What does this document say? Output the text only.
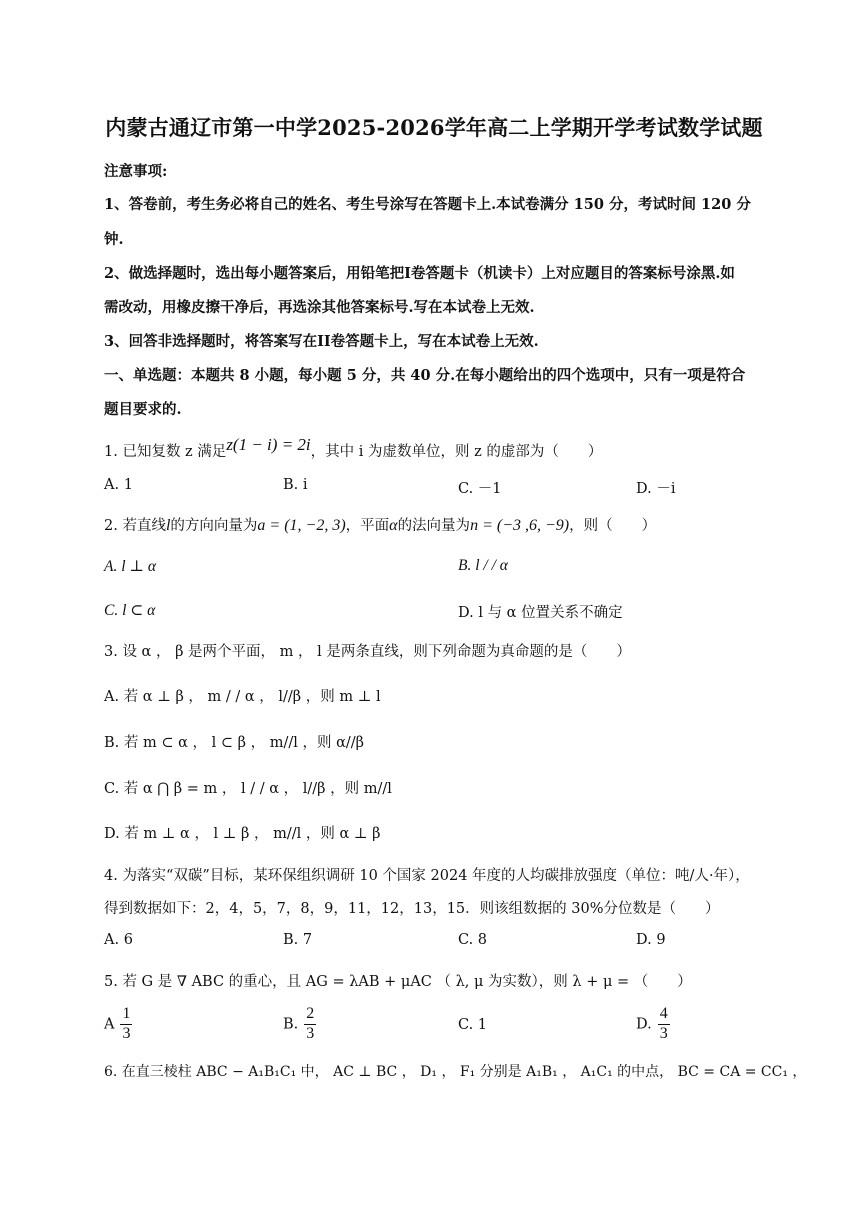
内蒙古通辽市第一中学2025-2026学年高二上学期开学考试数学试题
注意事项:
1、答卷前，考生务必将自己的姓名、考生号涂写在答题卡上.本试卷满分 150 分，考试时间 120 分
钟.
2、做选择题时，选出每小题答案后，用铅笔把I卷答题卡（机读卡）上对应题目的答案标号涂黑.如
需改动，用橡皮擦干净后，再选涂其他答案标号.写在本试卷上无效.
3、回答非选择题时，将答案写在II卷答题卡上，写在本试卷上无效.
一、单选题：本题共 8 小题，每小题 5 分，共 40 分.在每小题给出的四个选项中，只有一项是符合
题目要求的.
1. 已知复数 z 满足z(1 − i) = 2i，其中 i 为虚数单位，则 z 的虚部为（　　）
A. 1	B. i	C. －1	D. －i
2. 若直线l的方向向量为a = (1, −2, 3)，平面α的法向量为n = (−3 ,6, −9)，则（　　）
A. l ⊥ α	B. l / / α
C. l ⊂ α	D. l 与 α 位置关系不确定
3. 设 α ， β 是两个平面， m ， l 是两条直线，则下列命题为真命题的是（　　）
A. 若 α ⊥ β ， m / / α ， l//β ，则 m ⊥ l
B. 若 m ⊂ α ， l ⊂ β ， m//l ，则 α//β
C. 若 α ⋂ β = m ， l / / α ， l//β ，则 m//l
D. 若 m ⊥ α ， l ⊥ β ， m//l ，则 α ⊥ β
4. 为落实“双碳”目标，某环保组织调研 10 个国家 2024 年度的人均碳排放强度（单位：吨/人·年），
得到数据如下：2，4，5，7，8，9，11，12，13，15．则该组数据的 30%分位数是（　　）
A. 6	B. 7	C. 8	D. 9
5. 若 G 是 ∇ ABC 的重心，且 AG = λAB + μAC （ λ, μ 为实数），则 λ + μ = （　　）
A $\frac{1}{3}$	B. $\frac{2}{3}$	C. 1	D. $\frac{4}{3}$
6. 在直三棱柱 ABC − A₁B₁C₁ 中， AC ⊥ BC ， D₁ ， F₁ 分别是 A₁B₁ ， A₁C₁ 的中点， BC = CA = CC₁ ，
